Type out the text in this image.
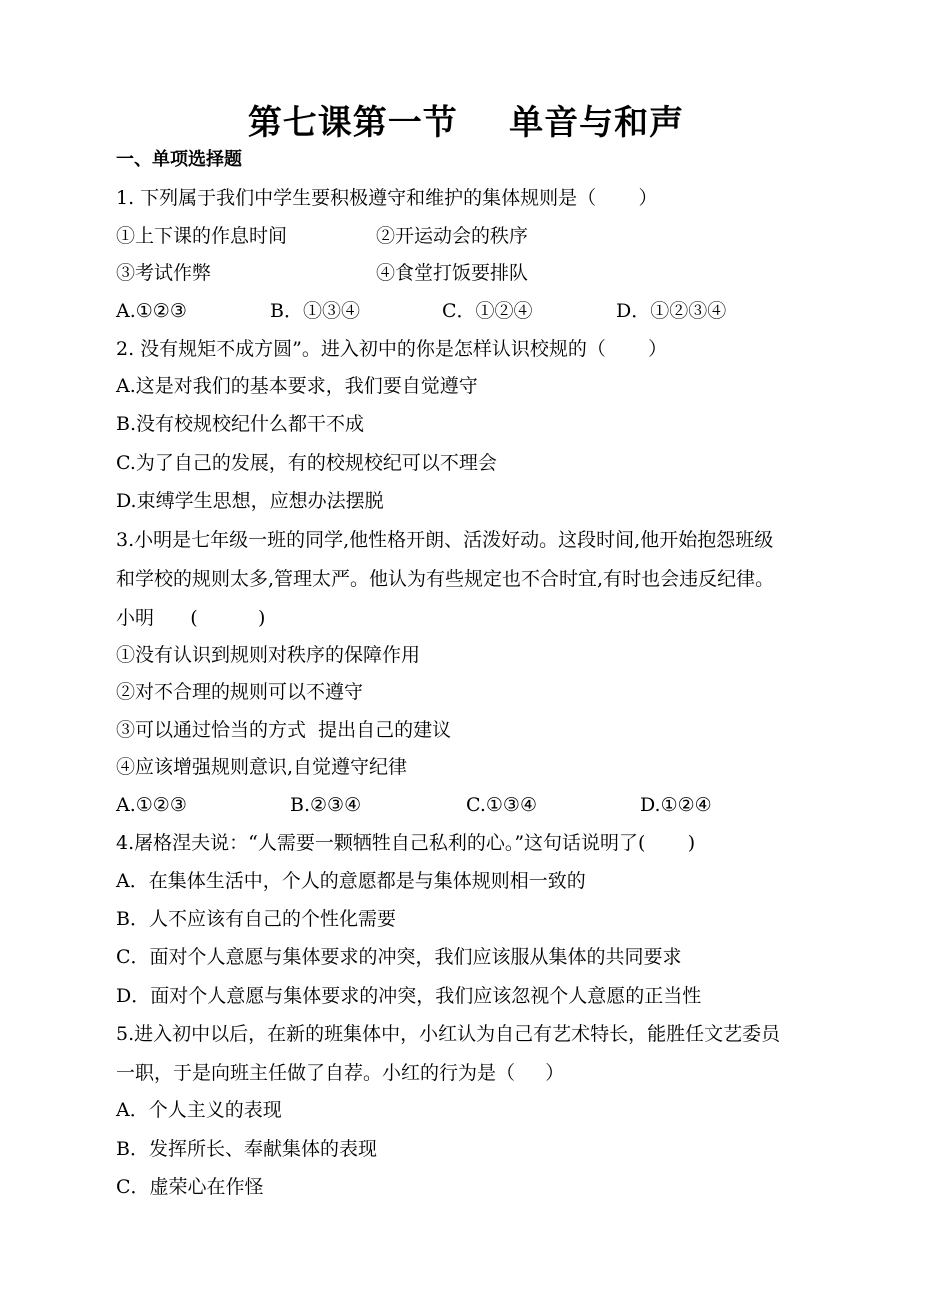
第七课第一节    单音与和声
一、单项选择题
1. 下列属于我们中学生要积极遵守和维护的集体规则是（       ）
①上下课的作息时间	②开运动会的秩序
③考试作弊	④食堂打饭要排队
A.①②③	B．①③④	C．①②④	D．①②③④
2. 没有规矩不成方圆”。进入初中的你是怎样认识校规的（       ）
A.这是对我们的基本要求，我们要自觉遵守
B.没有校规校纪什么都干不成
C.为了自己的发展，有的校规校纪可以不理会
D.束缚学生思想，应想办法摆脱
3.小明是七年级一班的同学,他性格开朗、活泼好动。这段时间,他开始抱怨班级
和学校的规则太多,管理太严。他认为有些规定也不合时宜,有时也会违反纪律。
小明      (          )
①没有认识到规则对秩序的保障作用
②对不合理的规则可以不遵守
③可以通过恰当的方式  提出自己的建议
④应该增强规则意识,自觉遵守纪律
A.①②③	B.②③④	C.①③④	D.①②④
4.屠格涅夫说：“人需要一颗牺牲自己私利的心。”这句话说明了(       )
A．在集体生活中，个人的意愿都是与集体规则相一致的
B．人不应该有自己的个性化需要
C．面对个人意愿与集体要求的冲突，我们应该服从集体的共同要求
D．面对个人意愿与集体要求的冲突，我们应该忽视个人意愿的正当性
5.进入初中以后，在新的班集体中，小红认为自己有艺术特长，能胜任文艺委员
一职，于是向班主任做了自荐。小红的行为是（     ）
A．个人主义的表现
B．发挥所长、奉献集体的表现
C．虚荣心在作怪
